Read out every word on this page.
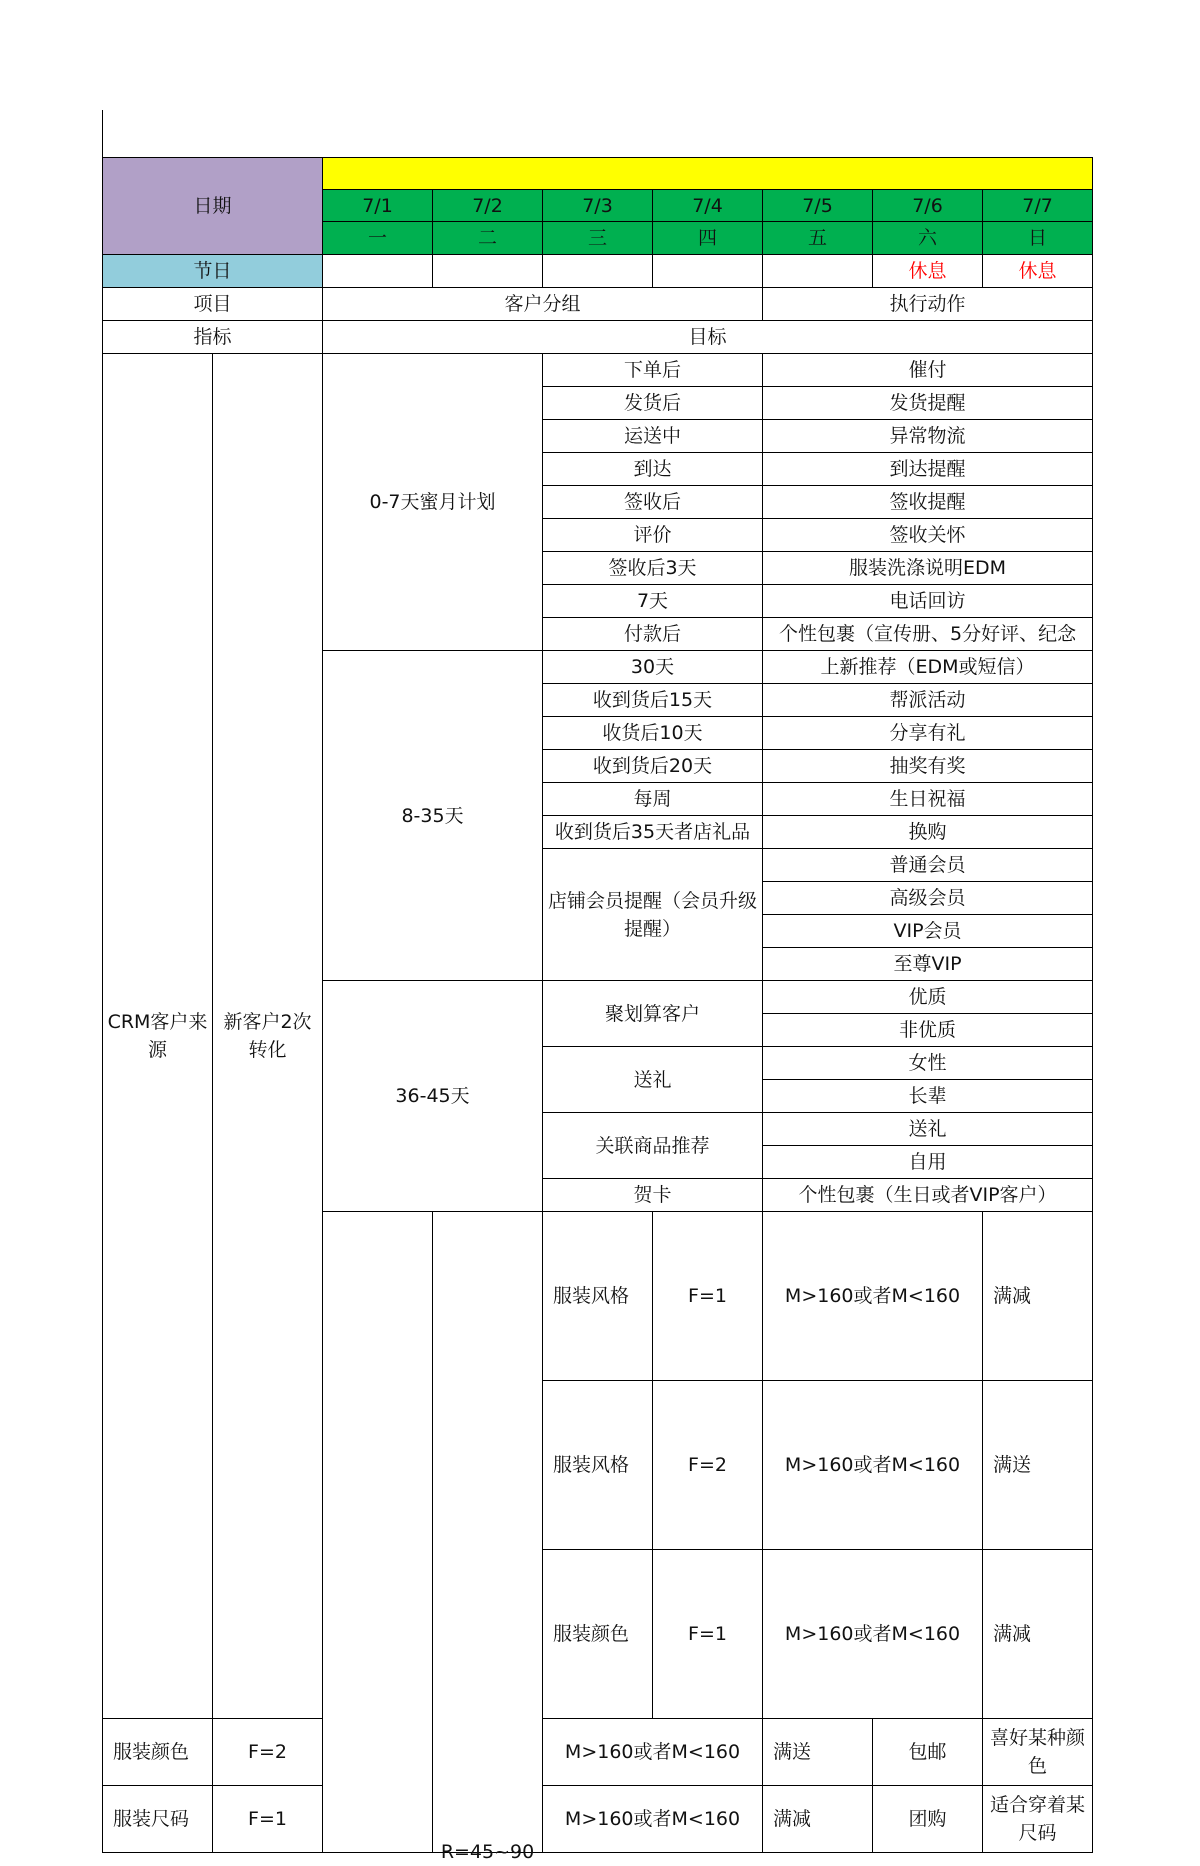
日期									
		7/1	7/2	7/3	7/4	7/5	7/6	7/7	
		一	二	三	四	五	六	日	
节日							休息	休息	
项目		客户分组				执行动作			
指标		目标							
CRM客户来源	新客户2次转化	0-7天蜜月计划		下单后		催付			
				发货后		发货提醒			
				运送中		异常物流			
				到达		到达提醒			
				签收后		签收提醒			
				评价		签收关怀			
				签收后3天		服装洗涤说明EDM			
				7天		电话回访			
				付款后		个性包裹（宣传册、5分好评、纪念			
		8-35天		30天		上新推荐（EDM或短信）			
				收到货后15天		帮派活动			
				收货后10天		分享有礼			
				收到货后20天		抽奖有奖			
				每周		生日祝福			
				收到货后35天者店礼品		换购			
				店铺会员提醒（会员升级提醒）		普通会员			
						高级会员			
						VIP会员			
						至尊VIP			
		36-45天		聚划算客户		优质			
						非优质			
				送礼		女性			
						长辈			
				关联商品推荐		送礼			
						自用			
				贺卡		个性包裹（生日或者VIP客户）			

			R=45~90	服装风格	F=1	M>160或者M<160		满减		
				服装风格	F=2	M>160或者M<160		满送		
				服装颜色	F=1	M>160或者M<160		满减		
服装颜色	F=2			M>160或者M<160		满送	包邮	喜好某种颜色	
服装尺码	F=1			M>160或者M<160		满减	团购	适合穿着某尺码	
